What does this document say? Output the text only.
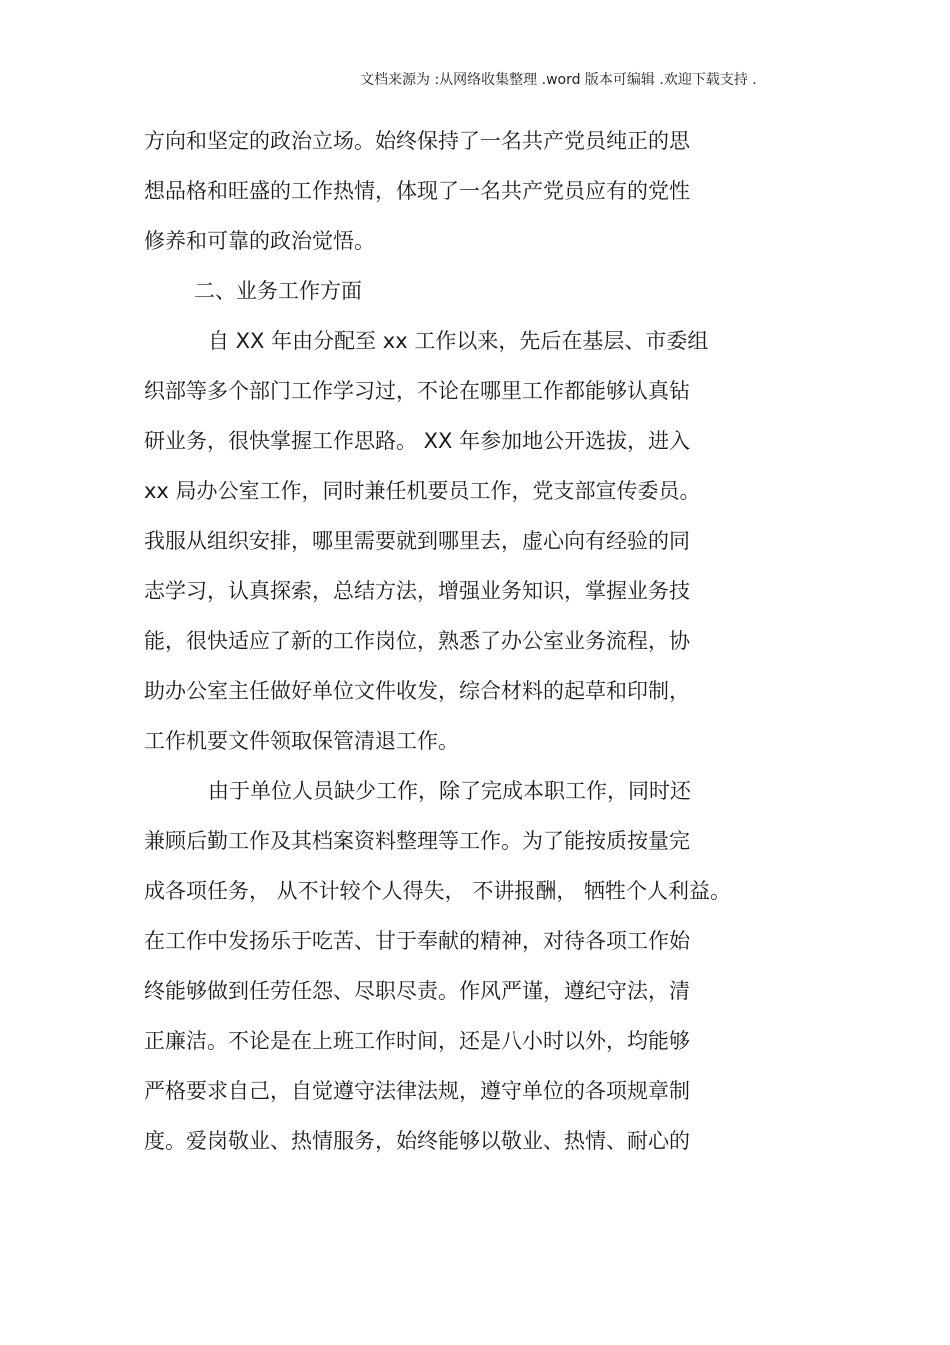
文档来源为 :从网络收集整理 .word 版本可编辑 .欢迎下载支持 .
方向和坚定的政治立场。始终保持了一名共产党员纯正的思
想品格和旺盛的工作热情，体现了一名共产党员应有的党性
修养和可靠的政治觉悟。
二、业务工作方面
自 XX 年由分配至 xx 工作以来，先后在基层、市委组
织部等多个部门工作学习过，不论在哪里工作都能够认真钻
研业务，很快掌握工作思路。 XX 年参加地公开选拔，进入
xx 局办公室工作，同时兼任机要员工作，党支部宣传委员。
我服从组织安排，哪里需要就到哪里去，虚心向有经验的同
志学习，认真探索，总结方法，增强业务知识，掌握业务技
能，很快适应了新的工作岗位，熟悉了办公室业务流程，协
助办公室主任做好单位文件收发，综合材料的起草和印制，
工作机要文件领取保管清退工作。
由于单位人员缺少工作，除了完成本职工作，同时还
兼顾后勤工作及其档案资料整理等工作。为了能按质按量完
成各项任务， 从不计较个人得失， 不讲报酬， 牺牲个人利益。
在工作中发扬乐于吃苦、甘于奉献的精神，对待各项工作始
终能够做到任劳任怨、尽职尽责。作风严谨，遵纪守法，清
正廉洁。不论是在上班工作时间，还是八小时以外，均能够
严格要求自己，自觉遵守法律法规，遵守单位的各项规章制
度。爱岗敬业、热情服务，始终能够以敬业、热情、耐心的
